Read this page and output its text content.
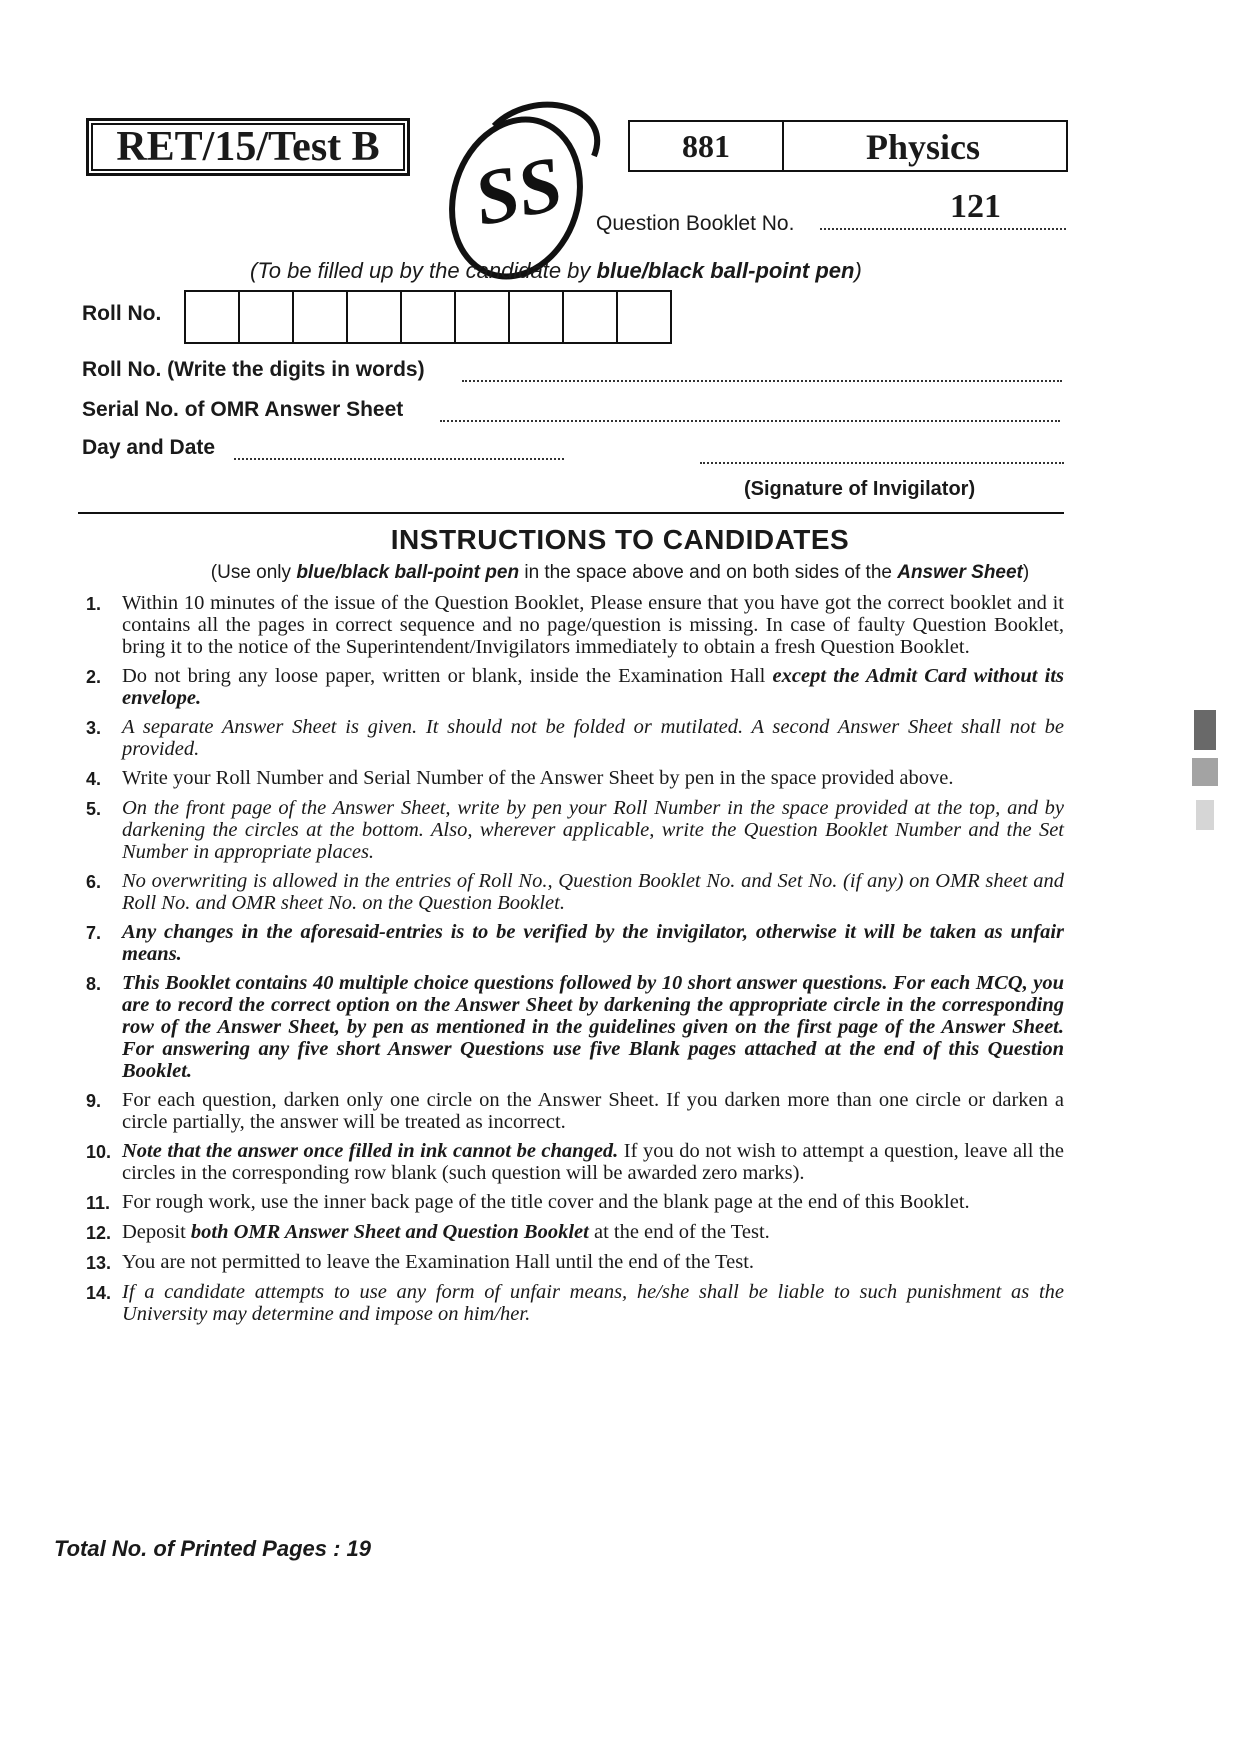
RET/15/Test B	881	Physics
SS Question Booklet No.	121
(To be filled up by the candidate by blue/black ball-point pen)
Roll No.
Roll No. (Write the digits in words)
Serial No. of OMR Answer Sheet
Day and Date
(Signature of Invigilator)
INSTRUCTIONS TO CANDIDATES
(Use only blue/black ball-point pen in the space above and on both sides of the Answer Sheet)
1.	Within 10 minutes of the issue of the Question Booklet, Please ensure that you have got the correct booklet and it contains all the pages in correct sequence and no page/question is missing. In case of faulty Question Booklet, bring it to the notice of the Superintendent/Invigilators immediately to obtain a fresh Question Booklet.
2.	Do not bring any loose paper, written or blank, inside the Examination Hall except the Admit Card without its envelope.
3.	A separate Answer Sheet is given. It should not be folded or mutilated. A second Answer Sheet shall not be provided.
4.	Write your Roll Number and Serial Number of the Answer Sheet by pen in the space provided above.
5.	On the front page of the Answer Sheet, write by pen your Roll Number in the space provided at the top, and by darkening the circles at the bottom. Also, wherever applicable, write the Question Booklet Number and the Set Number in appropriate places.
6.	No overwriting is allowed in the entries of Roll No., Question Booklet No. and Set No. (if any) on OMR sheet and Roll No. and OMR sheet No. on the Question Booklet.
7.	Any changes in the aforesaid-entries is to be verified by the invigilator, otherwise it will be taken as unfair means.
8.	This Booklet contains 40 multiple choice questions followed by 10 short answer questions. For each MCQ, you are to record the correct option on the Answer Sheet by darkening the appropriate circle in the corresponding row of the Answer Sheet, by pen as mentioned in the guidelines given on the first page of the Answer Sheet. For answering any five short Answer Questions use five Blank pages attached at the end of this Question Booklet.
9.	For each question, darken only one circle on the Answer Sheet. If you darken more than one circle or darken a circle partially, the answer will be treated as incorrect.
10. Note that the answer once filled in ink cannot be changed. If you do not wish to attempt a question, leave all the circles in the corresponding row blank (such question will be awarded zero marks).
11. For rough work, use the inner back page of the title cover and the blank page at the end of this Booklet.
12. Deposit both OMR Answer Sheet and Question Booklet at the end of the Test.
13. You are not permitted to leave the Examination Hall until the end of the Test.
14. If a candidate attempts to use any form of unfair means, he/she shall be liable to such punishment as the University may determine and impose on him/her.
Total No. of Printed Pages : 19
